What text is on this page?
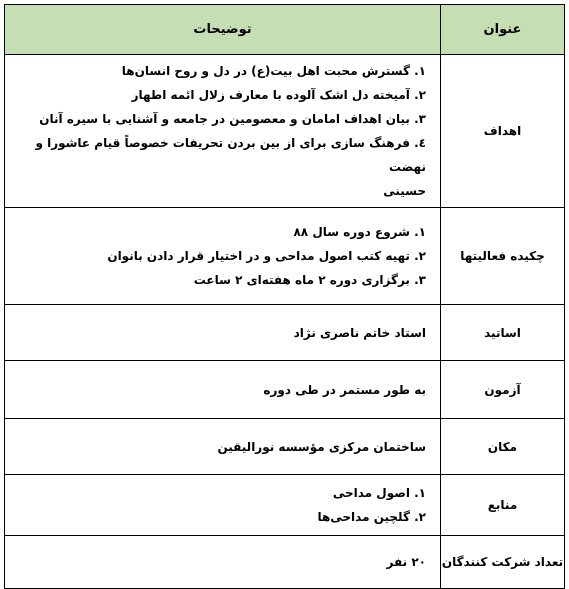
عنوان	توضیحات
اهداف	۱. گسترش محبت اهل بیت(ع) در دل و روح انسان‌ها
۲. آمیخته دل اشک آلوده با معارف زلال ائمه اطهار
۳. بیان اهداف امامان و معصومین در جامعه و آشنایی با سیره آنان
٤. فرهنگ سازی برای از بین بردن تحریفات خصوصاً قیام عاشورا و نهضت
حسینی

چکیده فعالیتها	۱. شروع دوره سال ۸۸
۲. تهیه کتب اصول مداحی و در اختیار قرار دادن بانوان
۳. برگزاری دوره ۲ ماه هفته‌ای ۲ ساعت

اساتید	استاد خاتم ناصری نژاد

آزمون	به طور مستمر در طی دوره

مکان	ساختمان مرکزی مؤسسه نورالیقین

منابع	۱. اصول مداحی
۲. گلچین مداحی‌ها

تعداد شرکت کنندگان	۲۰ نفر
